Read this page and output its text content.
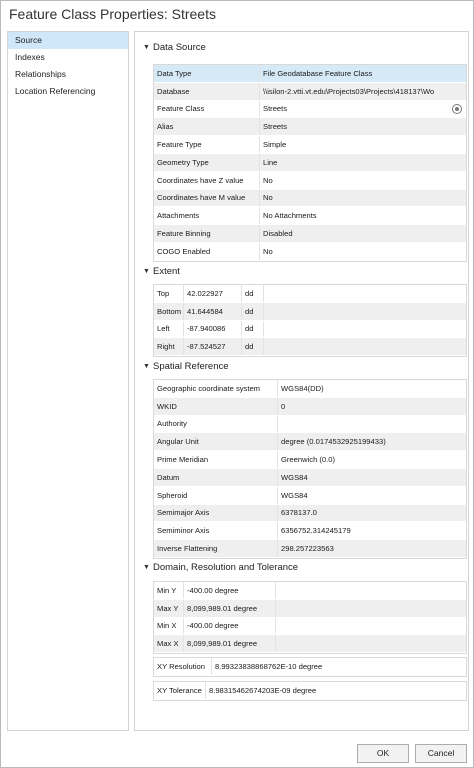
Feature Class Properties: Streets
Source
Indexes
Relationships
Location Referencing
▼ Data Source
Data Type	File Geodatabase Feature Class
Database	\\isilon-2.vtti.vt.edu\Projects03\Projects\418137\Wo
Feature Class	Streets
Alias	Streets
Feature Type	Simple
Geometry Type	Line
Coordinates have Z value	No
Coordinates have M value	No
Attachments	No Attachments
Feature Binning	Disabled
COGO Enabled	No
▼ Extent
Top	42.022927	dd
Bottom 41.644584	dd
Left	-87.940086	dd
Right	-87.524527	dd
▼ Spatial Reference
Geographic coordinate system	WGS84(DD)
WKID	0
Authority
Angular Unit	degree (0.0174532925199433)
Prime Meridian	Greenwich (0.0)
Datum	WGS84
Spheroid	WGS84
Semimajor Axis	6378137.0
Semiminor Axis	6356752.314245179
Inverse Flattening	298.257223563
▼ Domain, Resolution and Tolerance
Min Y	-400.00 degree
Max Y	8,099,989.01 degree
Min X	-400.00 degree
Max X	8,099,989.01 degree
XY Resolution	8.99323838868762E-10 degree
XY Tolerance 8.98315462674203E-09 degree
OK	Cancel
